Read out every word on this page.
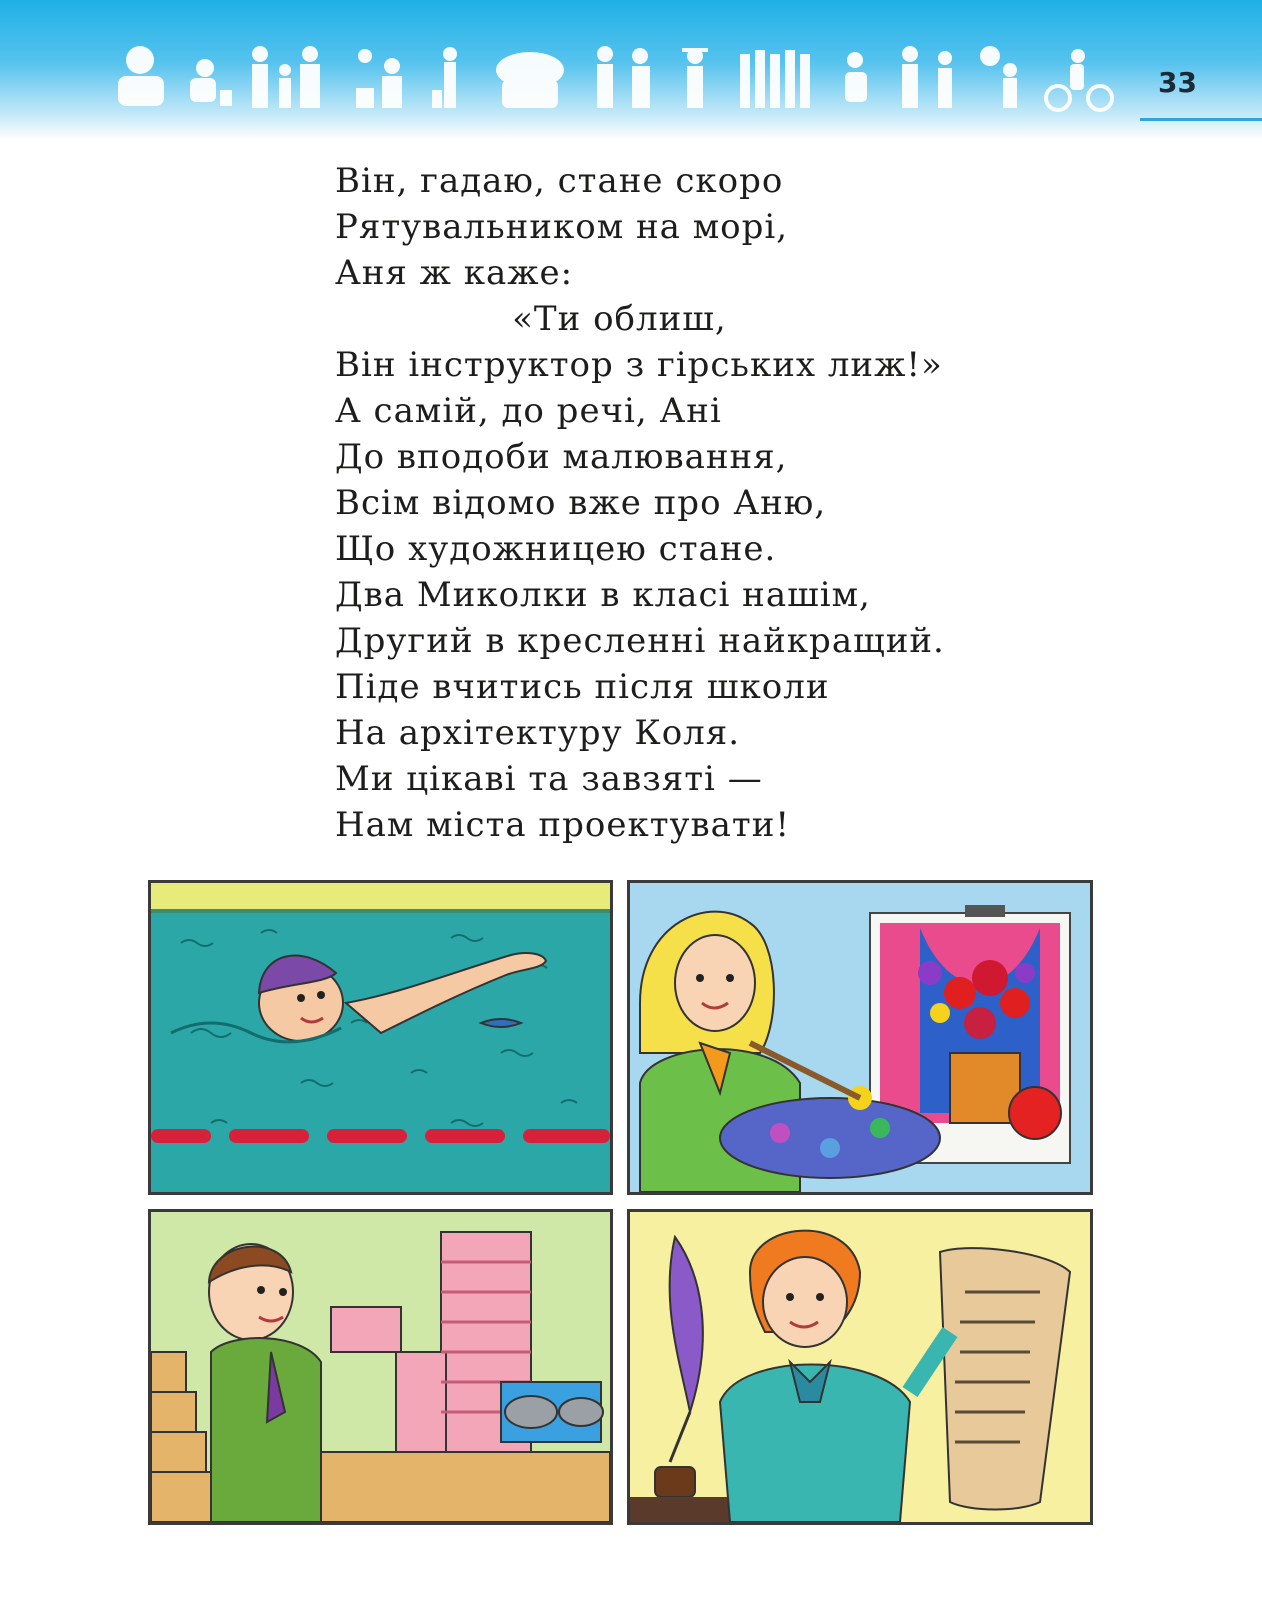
33
Він, гадаю, стане скоро
Рятувальником на морі,
Аня ж каже:
«Ти облиш,
Він інструктор з гірських лиж!»
А самій, до речі, Ані
До вподоби малювання,
Всім відомо вже про Аню,
Що художницею стане.
Два Миколки в класі нашім,
Другий в кресленні найкращий.
Піде вчитись після школи
На архітектуру Коля.
Ми цікаві та завзяті —
Нам міста проектувати!
